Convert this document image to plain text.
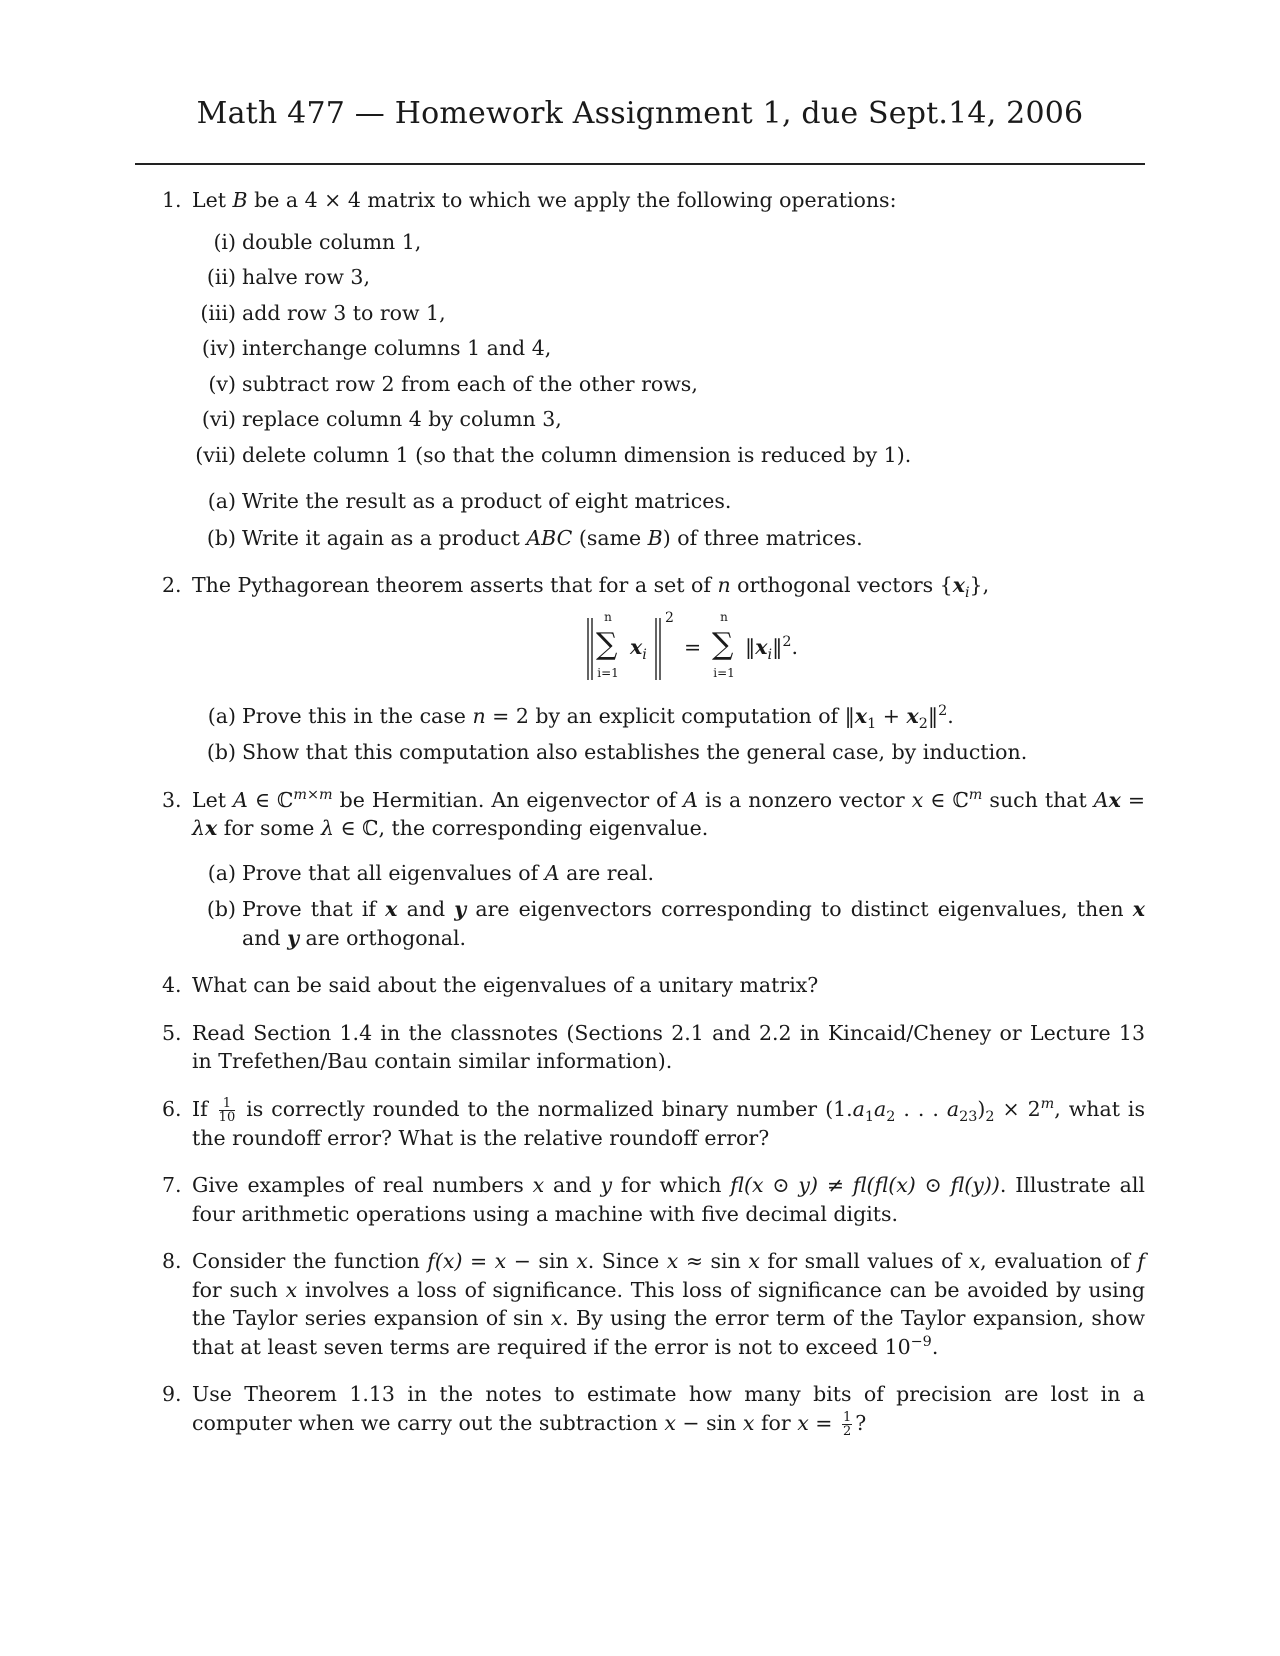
Math 477 — Homework Assignment 1, due Sept.14, 2006
1. Let B be a 4 × 4 matrix to which we apply the following operations:
(i) double column 1,
(ii) halve row 3,
(iii) add row 3 to row 1,
(iv) interchange columns 1 and 4,
(v) subtract row 2 from each of the other rows,
(vi) replace column 4 by column 3,
(vii) delete column 1 (so that the column dimension is reduced by 1).
(a) Write the result as a product of eight matrices.
(b) Write it again as a product ABC (same B) of three matrices.
2. The Pythagorean theorem asserts that for a set of n orthogonal vectors $\{x_i\}$,
n
∑
i=1
$x_i$
2
=
n
∑
i=1
$‖x_i‖^2$.
(a) Prove this in the case n = 2 by an explicit computation of $‖x_1$ + $x_2‖^2$.
(b) Show that this computation also establishes the general case, by induction.
3. Let A ∈ ℂ$^{m\times m}$ be Hermitian. An eigenvector of A is a nonzero vector x ∈ ℂ$^m$ such that Ax = λx for some λ ∈ ℂ, the corresponding eigenvalue.
(a) Prove that all eigenvalues of A are real.
(b) Prove that if x and y are eigenvectors corresponding to distinct eigenvalues, then x and y are orthogonal.
4. What can be said about the eigenvalues of a unitary matrix?
5. Read Section 1.4 in the classnotes (Sections 2.1 and 2.2 in Kincaid/Cheney or Lecture 13 in Trefethen/Bau contain similar information).
6. If $\frac{1}{10}$ is correctly rounded to the normalized binary number ($1.a_1a_2$ . . . $a_{23})_2 \times 2^m$, what is the roundoff error? What is the relative roundoff error?
7. Give examples of real numbers x and y for which fl(x ⊙ y) ≠ fl(fl(x) ⊙ fl(y)). Illustrate all four arithmetic operations using a machine with five decimal digits.
8. Consider the function f(x) = x − sin x. Since x ≈ sin x for small values of x, evaluation of f for such x involves a loss of significance. This loss of significance can be avoided by using the Taylor series expansion of sin x. By using the error term of the Taylor expansion, show that at least seven terms are required if the error is not to exceed $10^{-9}$.
9. Use Theorem 1.13 in the notes to estimate how many bits of precision are lost in a computer when we carry out the subtraction x − sin x for $x = \frac{1}{2}$ ?
